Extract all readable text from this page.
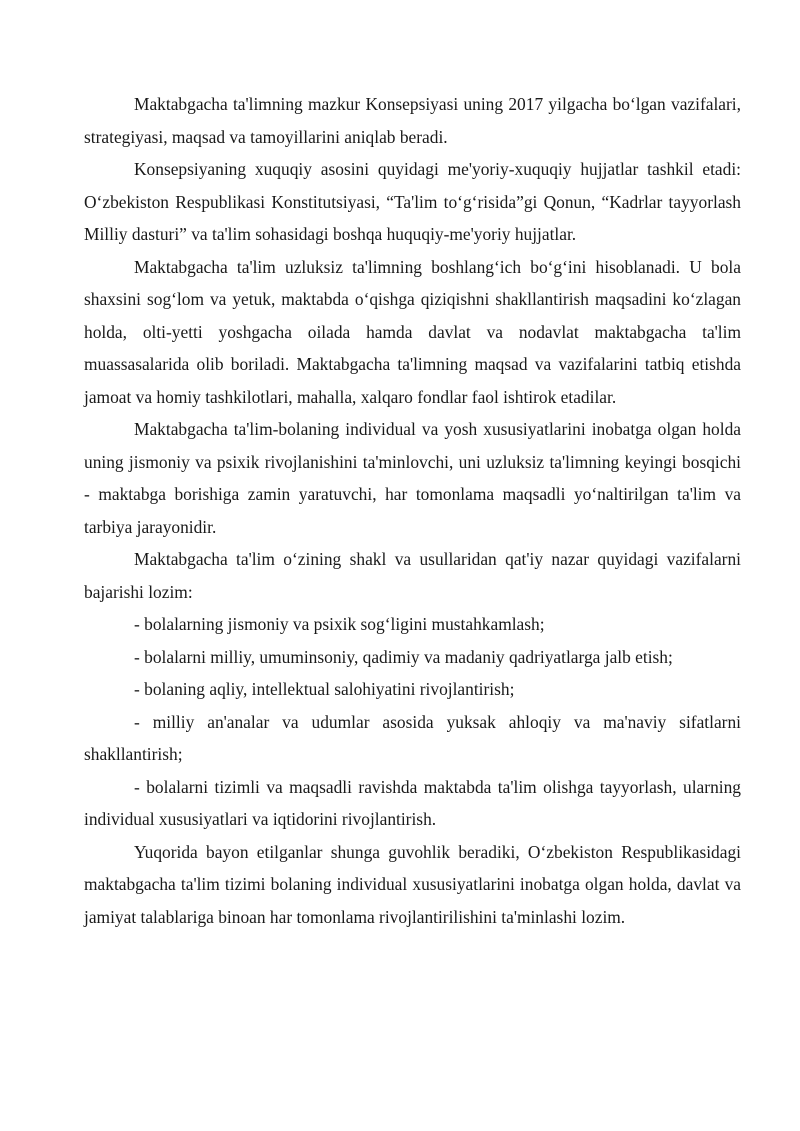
Maktabgacha ta'limning mazkur Konsepsiyasi uning 2017 yilgacha bo‘lgan vazifalari, strategiyasi, maqsad va tamoyillarini aniqlab beradi.

Konsepsiyaning xuquqiy asosini quyidagi me'yoriy-xuquqiy hujjatlar tashkil etadi: O‘zbekiston Respublikasi Konstitutsiyasi, “Ta'lim to‘g‘risida”gi Qonun, “Kadrlar tayyorlash Milliy dasturi” va ta'lim sohasidagi boshqa huquqiy-me'yoriy hujjatlar.

Maktabgacha ta'lim uzluksiz ta'limning boshlang‘ich bo‘g‘ini hisoblanadi. U bola shaxsini sog‘lom va yetuk, maktabda o‘qishga qiziqishni shakllantirish maqsadini ko‘zlagan holda, olti-yetti yoshgacha oilada hamda davlat va nodavlat maktabgacha ta'lim muassasalarida olib boriladi. Maktabgacha ta'limning maqsad va vazifalarini tatbiq etishda jamoat va homiy tashkilotlari, mahalla, xalqaro fondlar faol ishtirok etadilar.

Maktabgacha ta'lim-bolaning individual va yosh xususiyatlarini inobatga olgan holda uning jismoniy va psixik rivojlanishini ta'minlovchi, uni uzluksiz ta'limning keyingi bosqichi - maktabga borishiga zamin yaratuvchi, har tomonlama maqsadli yo‘naltirilgan ta'lim va tarbiya jarayonidir.

Maktabgacha ta'lim o‘zining shakl va usullaridan qat'iy nazar quyidagi vazifalarni bajarishi lozim:

- bolalarning jismoniy va psixik sog‘ligini mustahkamlash;

- bolalarni milliy, umuminsoniy, qadimiy va madaniy qadriyatlarga jalb etish;

- bolaning aqliy, intellektual salohiyatini rivojlantirish;

- milliy an'analar va udumlar asosida yuksak ahloqiy va ma'naviy sifatlarni shakllantirish;

- bolalarni tizimli va maqsadli ravishda maktabda ta'lim olishga tayyorlash, ularning individual xususiyatlari va iqtidorini rivojlantirish.

Yuqorida bayon etilganlar shunga guvohlik beradiki, O‘zbekiston Respublikasidagi maktabgacha ta'lim tizimi bolaning individual xususiyatlarini inobatga olgan holda, davlat va jamiyat talablariga binoan har tomonlama rivojlantirilishini ta'minlashi lozim.
